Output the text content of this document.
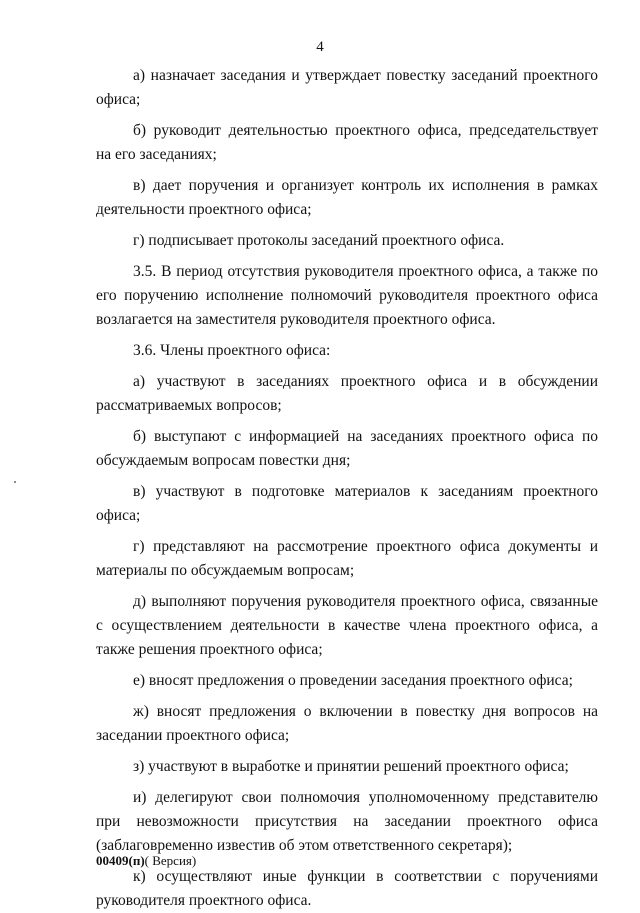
4

а) назначает заседания и утверждает повестку заседаний проектного офиса;

б) руководит деятельностью проектного офиса, председательствует на его заседаниях;

в) дает поручения и организует контроль их исполнения в рамках деятельности проектного офиса;

г) подписывает протоколы заседаний проектного офиса.

3.5. В период отсутствия руководителя проектного офиса, а также по его поручению исполнение полномочий руководителя проектного офиса возлагается на заместителя руководителя проектного офиса.

3.6. Члены проектного офиса:

а) участвуют в заседаниях проектного офиса и в обсуждении рассматриваемых вопросов;

б) выступают с информацией на заседаниях проектного офиса по обсуждаемым вопросам повестки дня;

в) участвуют в подготовке материалов к заседаниям проектного офиса;

г) представляют на рассмотрение проектного офиса документы и материалы по обсуждаемым вопросам;

д) выполняют поручения руководителя проектного офиса, связанные с осуществлением деятельности в качестве члена проектного офиса, а также решения проектного офиса;

е) вносят предложения о проведении заседания проектного офиса;

ж) вносят предложения о включении в повестку дня вопросов на заседании проектного офиса;

з) участвуют в выработке и принятии решений проектного офиса;

и) делегируют свои полномочия уполномоченному представителю при невозможности присутствия на заседании проектного офиса (заблаговременно известив об этом ответственного секретаря);

к) осуществляют иные функции в соответствии с поручениями руководителя проектного офиса.

00409(п)( Версия)
